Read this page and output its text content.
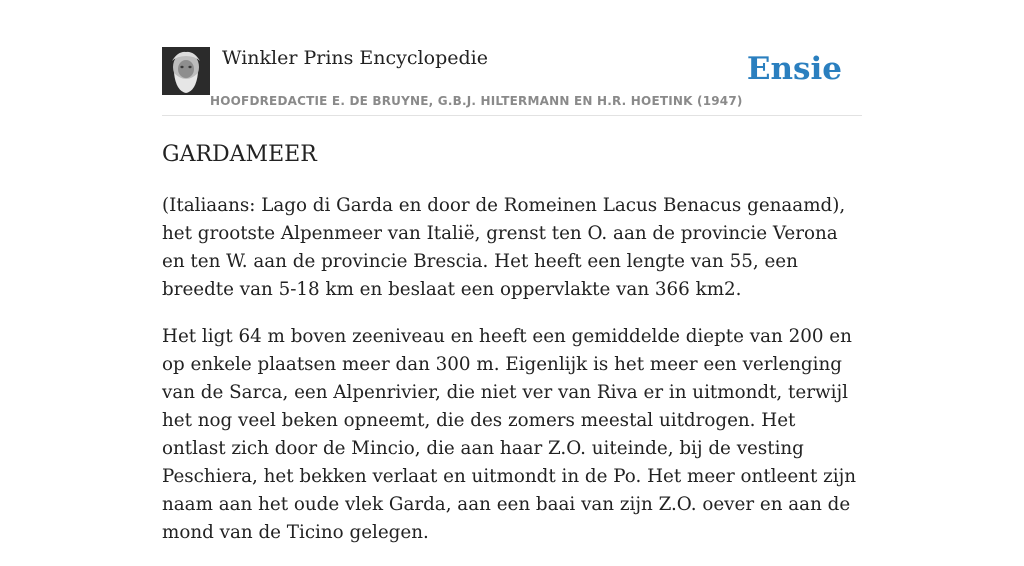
Winkler Prins Encyclopedie
HOOFDREDACTIE E. DE BRUYNE, G.B.J. HILTERMANN EN H.R. HOETINK (1947)
Ensie
GARDAMEER

(Italiaans: Lago di Garda en door de Romeinen Lacus Benacus genaamd), het grootste Alpenmeer van Italië, grenst ten O. aan de provincie Verona en ten W. aan de provincie Brescia. Het heeft een lengte van 55, een breedte van 5-18 km en beslaat een oppervlakte van 366 km2.

Het ligt 64 m boven zeeniveau en heeft een gemiddelde diepte van 200 en op enkele plaatsen meer dan 300 m. Eigenlijk is het meer een verlenging van de Sarca, een Alpenrivier, die niet ver van Riva er in uitmondt, terwijl het nog veel beken opneemt, die des zomers meestal uitdrogen. Het ontlast zich door de Mincio, die aan haar Z.O. uiteinde, bij de vesting Peschiera, het bekken verlaat en uitmondt in de Po. Het meer ontleent zijn naam aan het oude vlek Garda, aan een baai van zijn Z.O. oever en aan de mond van de Ticino gelegen.
